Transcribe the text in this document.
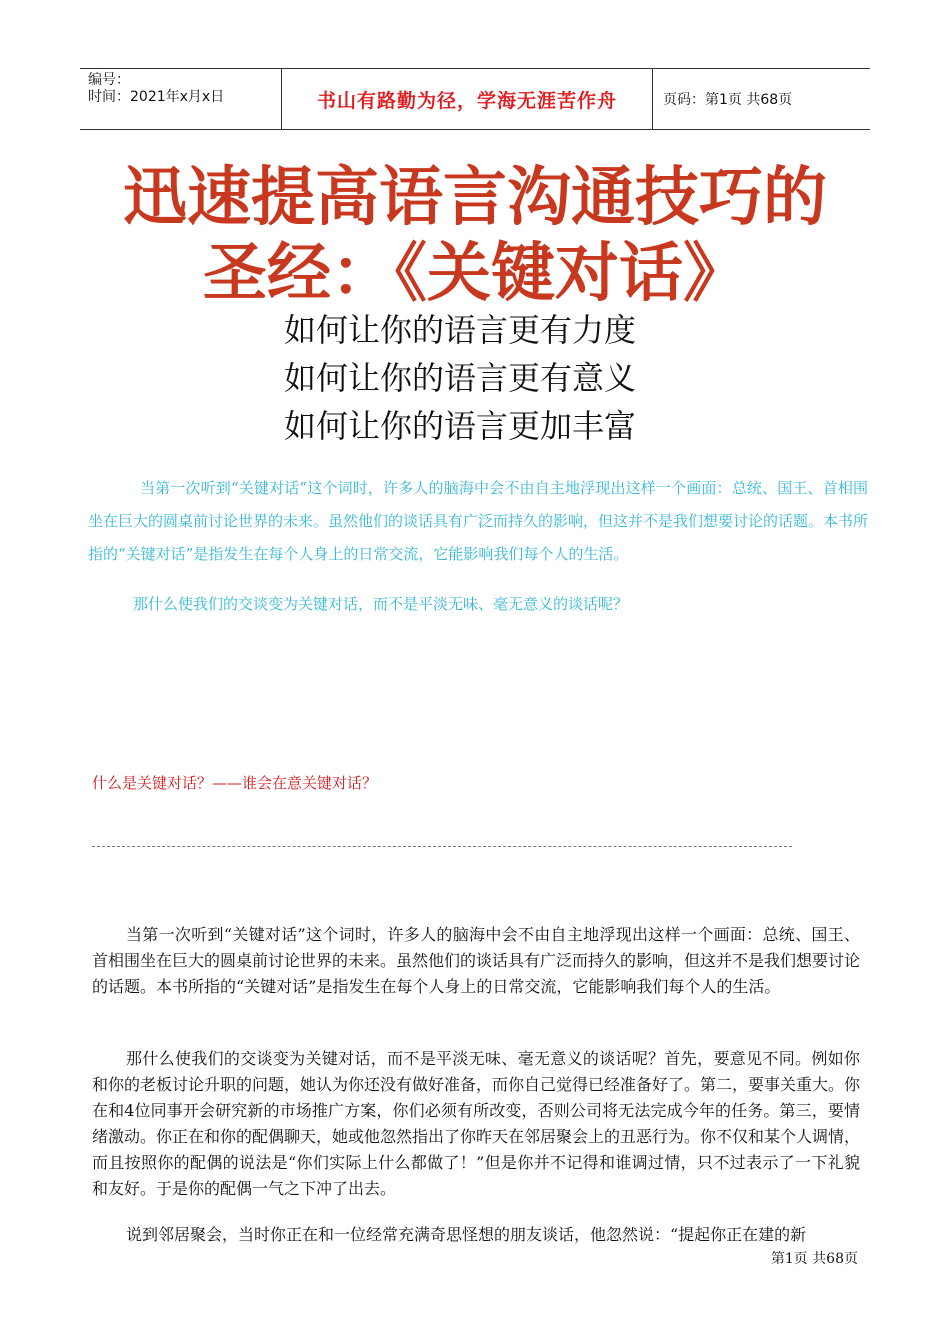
编号：
时间：2021年x月x日	书山有路勤为径，学海无涯苦作舟	页码：第1页 共68页
迅速提高语言沟通技巧的
圣经：《关键对话》
如何让你的语言更有力度
如何让你的语言更有意义
如何让你的语言更加丰富
当第一次听到“关键对话”这个词时，许多人的脑海中会不由自主地浮现出这样一个画面：总统、国王、首相围坐在巨大的圆桌前讨论世界的未来。虽然他们的谈话具有广泛而持久的影响，但这并不是我们想要讨论的话题。本书所指的“关键对话”是指发生在每个人身上的日常交流，它能影响我们每个人的生活。
那什么使我们的交谈变为关键对话，而不是平淡无味、毫无意义的谈话呢？
什么是关键对话？——谁会在意关键对话？
当第一次听到“关键对话”这个词时，许多人的脑海中会不由自主地浮现出这样一个画面：总统、国王、首相围坐在巨大的圆桌前讨论世界的未来。虽然他们的谈话具有广泛而持久的影响，但这并不是我们想要讨论的话题。本书所指的“关键对话”是指发生在每个人身上的日常交流，它能影响我们每个人的生活。
那什么使我们的交谈变为关键对话，而不是平淡无味、毫无意义的谈话呢？首先，要意见不同。例如你和你的老板讨论升职的问题，她认为你还没有做好准备，而你自己觉得已经准备好了。第二，要事关重大。你在和4位同事开会研究新的市场推广方案，你们必须有所改变，否则公司将无法完成今年的任务。第三，要情绪激动。你正在和你的配偶聊天，她或他忽然指出了你昨天在邻居聚会上的丑恶行为。你不仅和某个人调情，而且按照你的配偶的说法是“你们实际上什么都做了！”但是你并不记得和谁调过情，只不过表示了一下礼貌和友好。于是你的配偶一气之下冲了出去。
说到邻居聚会，当时你正在和一位经常充满奇思怪想的朋友谈话，他忽然说：“提起你正在建的新
第1页 共68页
